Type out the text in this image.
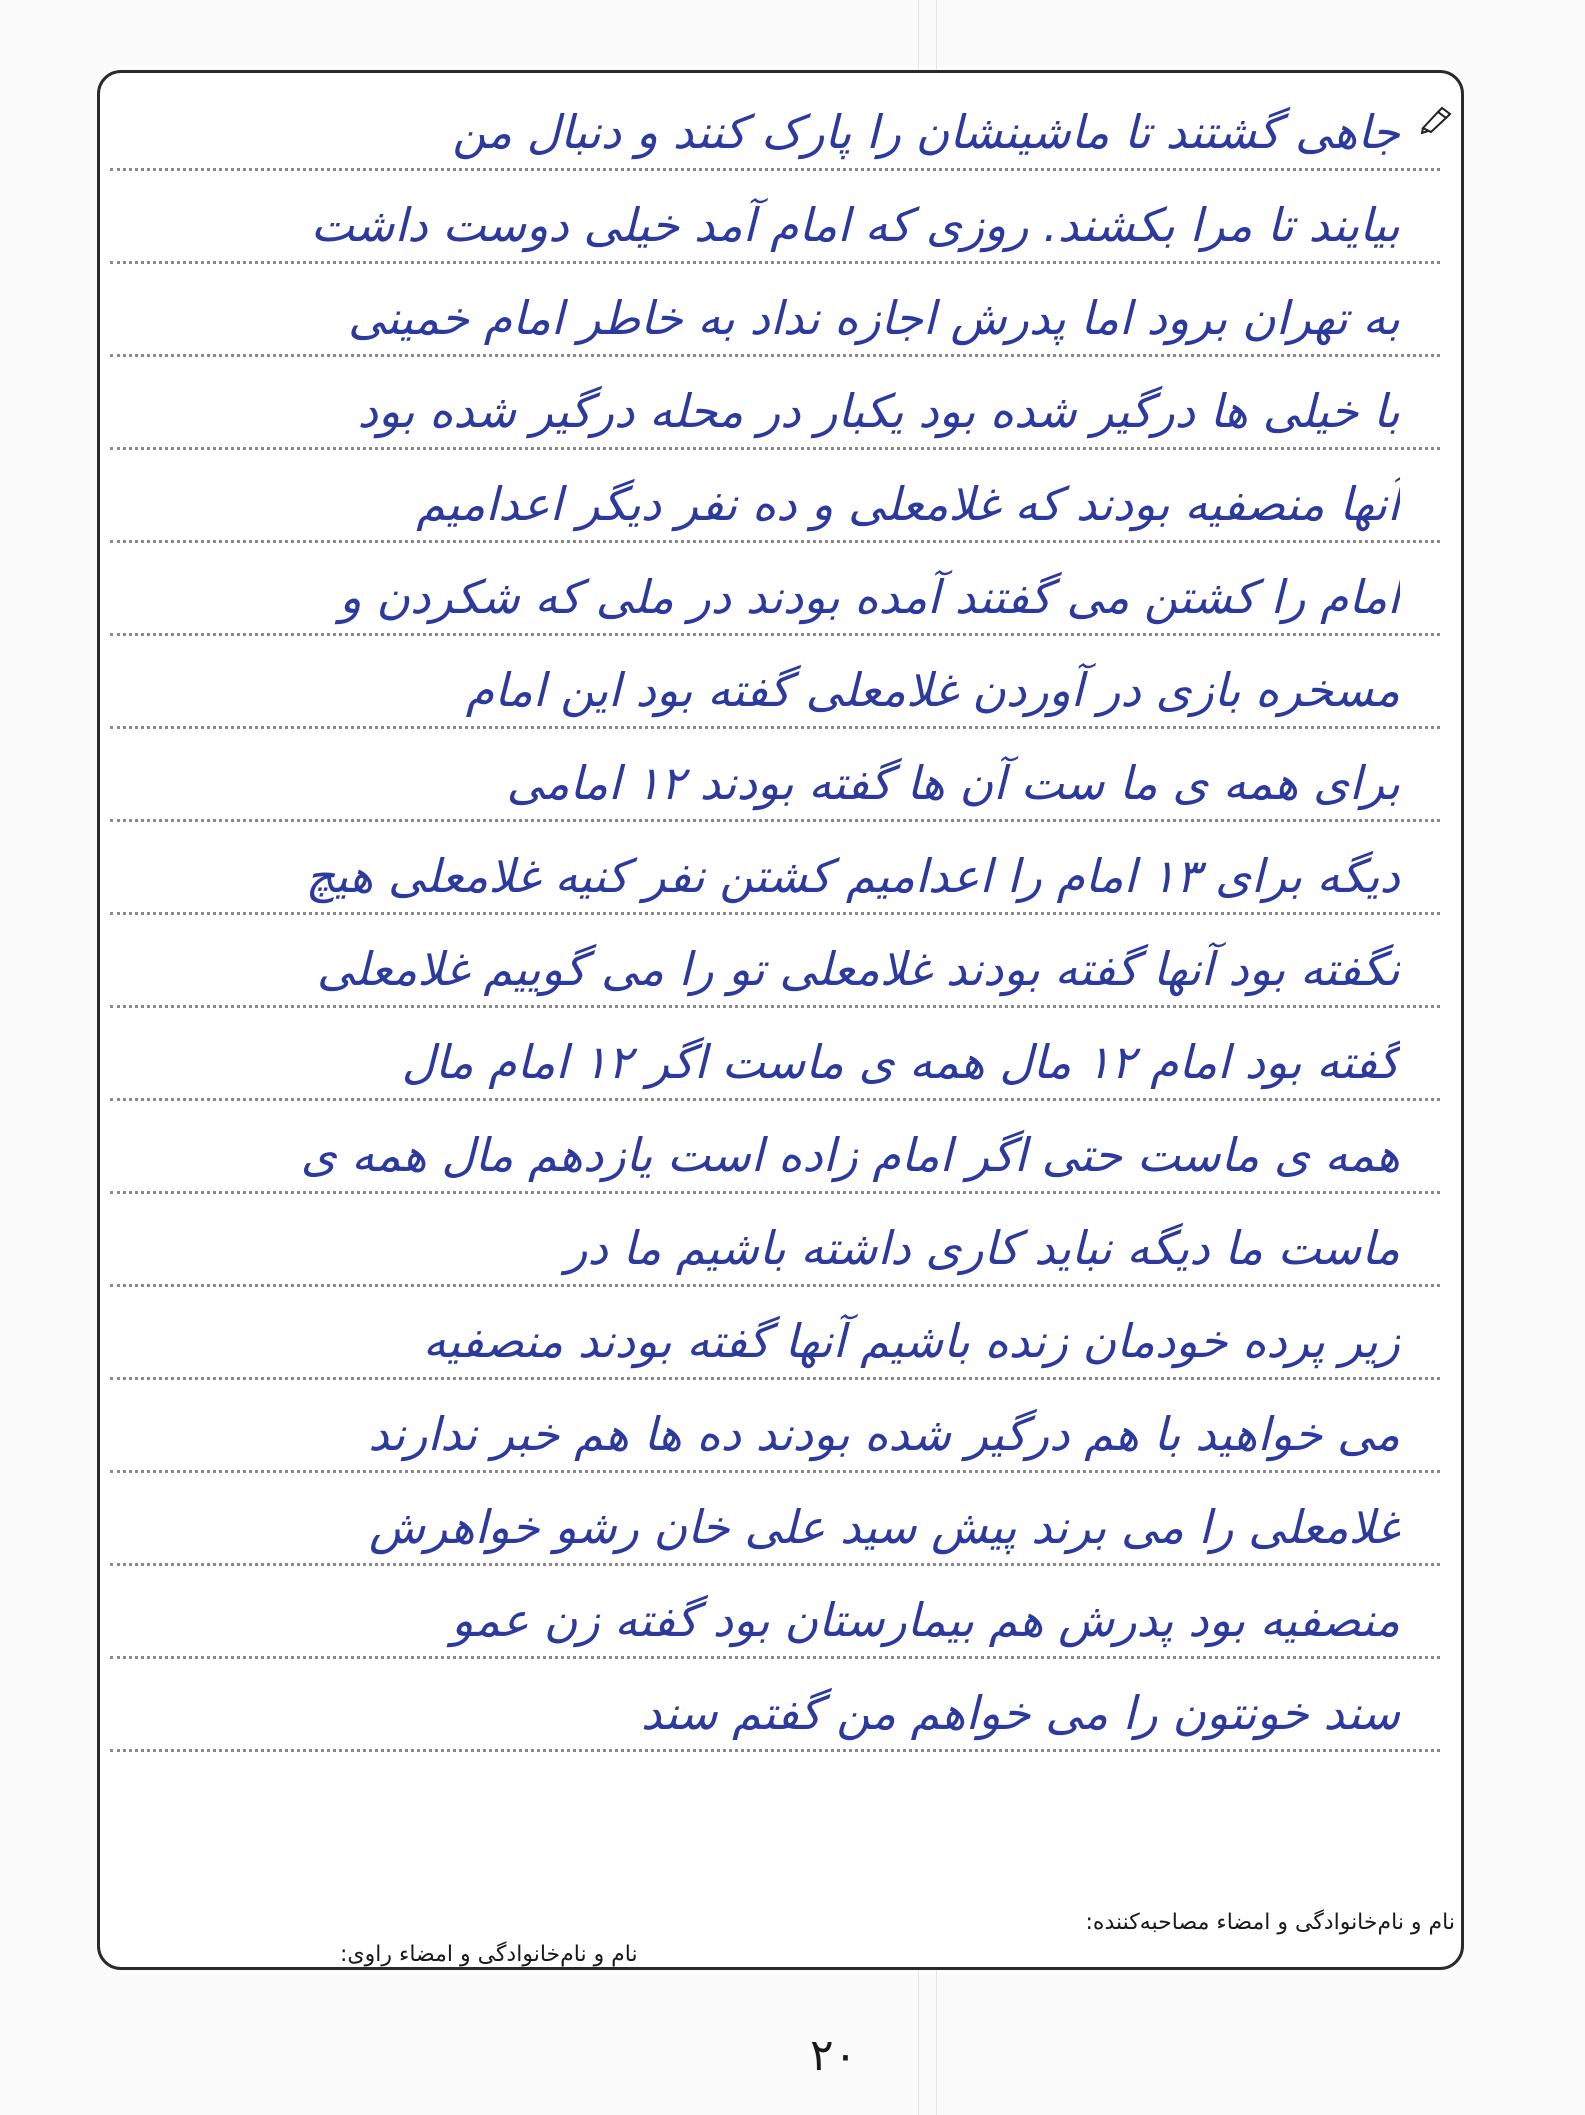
جاهی گشتند تا ماشینشان را پارک کنند و دنبال من
بیایند تا مرا بکشند. روزی که امام آمد خیلی دوست داشت
به تهران برود اما پدرش اجازه نداد به خاطر امام خمینی
با خیلی ها درگیر شده بود یکبار در محله درگیر شده بود
آنها منصفیه بودند که غلامعلی و ده نفر دیگر اعدامیم
امام را کشتن می گفتند آمده بودند در ملی که شکردن و
مسخره بازی در آوردن غلامعلی گفته بود این امام
برای همه ی ما ست آن ها گفته بودند ۱۲ امامی
دیگه برای ۱۳ امام را اعدامیم کشتن نفر کنیه غلامعلی هیچ
نگفته بود آنها گفته بودند غلامعلی تو را می گوییم غلامعلی
گفته بود امام ۱۲ مال همه ی ماست اگر ۱۲ امام مال
همه ی ماست حتی اگر امام زاده است یازدهم مال همه ی
ماست ما دیگه نباید کاری داشته باشیم ما در
زیر پرده خودمان زنده باشیم آنها گفته بودند منصفیه
می خواهید با هم درگیر شده بودند ده ها هم خبر ندارند
غلامعلی را می برند پیش سید علی خان رشو خواهرش
منصفیه بود پدرش هم بیمارستان بود گفته زن عمو
سند خونتون را می خواهم من گفتم سند
نام و نام‌خانوادگی و امضاء مصاحبه‌کننده:
نام و نام‌خانوادگی و امضاء راوی:
۲۰
